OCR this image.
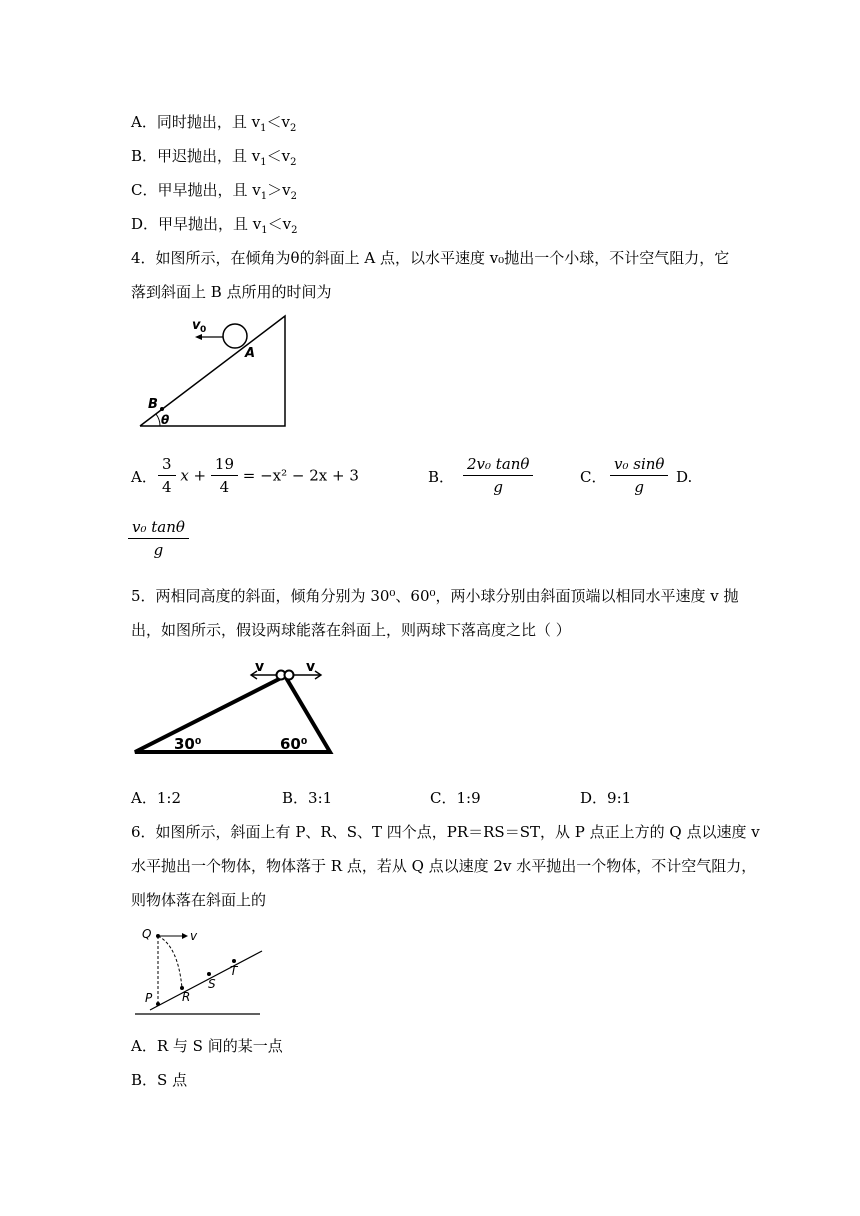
A．同时抛出，且 $v_1<v_2$
B．甲迟抛出，且 $v_1<v_2$
C．甲早抛出，且 $v_1>v_2$
D．甲早抛出，且 $v_1<v_2$
4．如图所示，在倾角为θ的斜面上 A 点，以水平速度 v₀抛出一个小球，不计空气阻力，它
落到斜面上 B 点所用的时间为
v 0
A
B
θ
A． $\frac{3}{4}$ $x + \frac{19}{4} = -x^2 - 2x + 3$	B． $\frac{\text{2v₀ tanθ}}{g}$	C． $\frac{\text{v₀ sinθ}}{g} D$.
$\frac{\text{v₀ tanθ}}{g}$
5．两相同高度的斜面，倾角分别为 30⁰、60⁰，两小球分别由斜面顶端以相同水平速度 v 抛
出，如图所示，假设两球能落在斜面上，则两球下落高度之比（ ）
v	v
30⁰	60⁰
A．1:2	B．3:1	C．1:9	D．9:1
6．如图所示，斜面上有 P、R、S、T 四个点，PR＝RS＝ST，从 P 点正上方的 Q 点以速度 v
水平抛出一个物体，物体落于 R 点，若从 Q 点以速度 2v 水平抛出一个物体，不计空气阻力，
则物体落在斜面上的
Q	v
P R
S
T
A．R 与 S 间的某一点
B．S 点
